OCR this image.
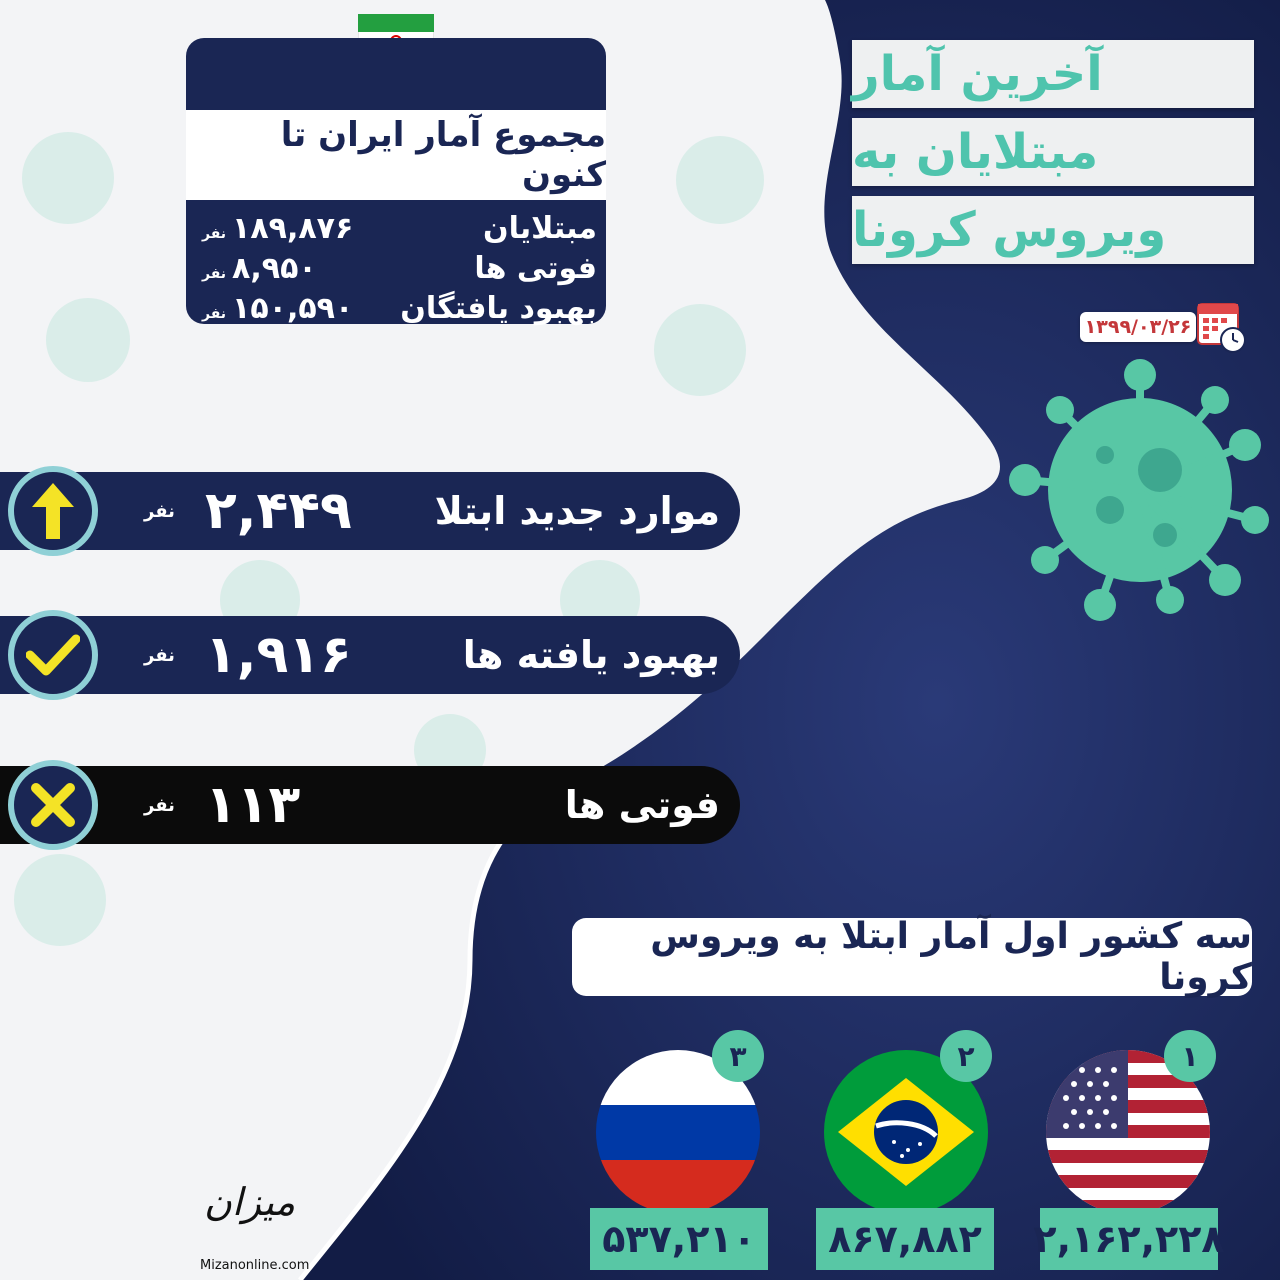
آخرین آمار
مبتلایان به
ویروس کرونا
۱۳۹۹/۰۳/۲۶
مجموع آمار ایران تا کنون
مبتلایان
۱۸۹,۸۷۶نفر
فوتی ها
۸,۹۵۰نفر
بهبود یافتگان
۱۵۰,۵۹۰نفر
نفر ۲,۴۴۹ موارد جدید ابتلا
نفر ۱,۹۱۶	بهبود یافته ها
نفر ۱۱۳	فوتی ها
سه کشور اول آمار ابتلا به ویروس کرونا
۱
۲,۱۶۲,۲۲۸
۲
۸۶۷,۸۸۲
۳
۵۳۷,۲۱۰
میزان
Mizanonline.com
